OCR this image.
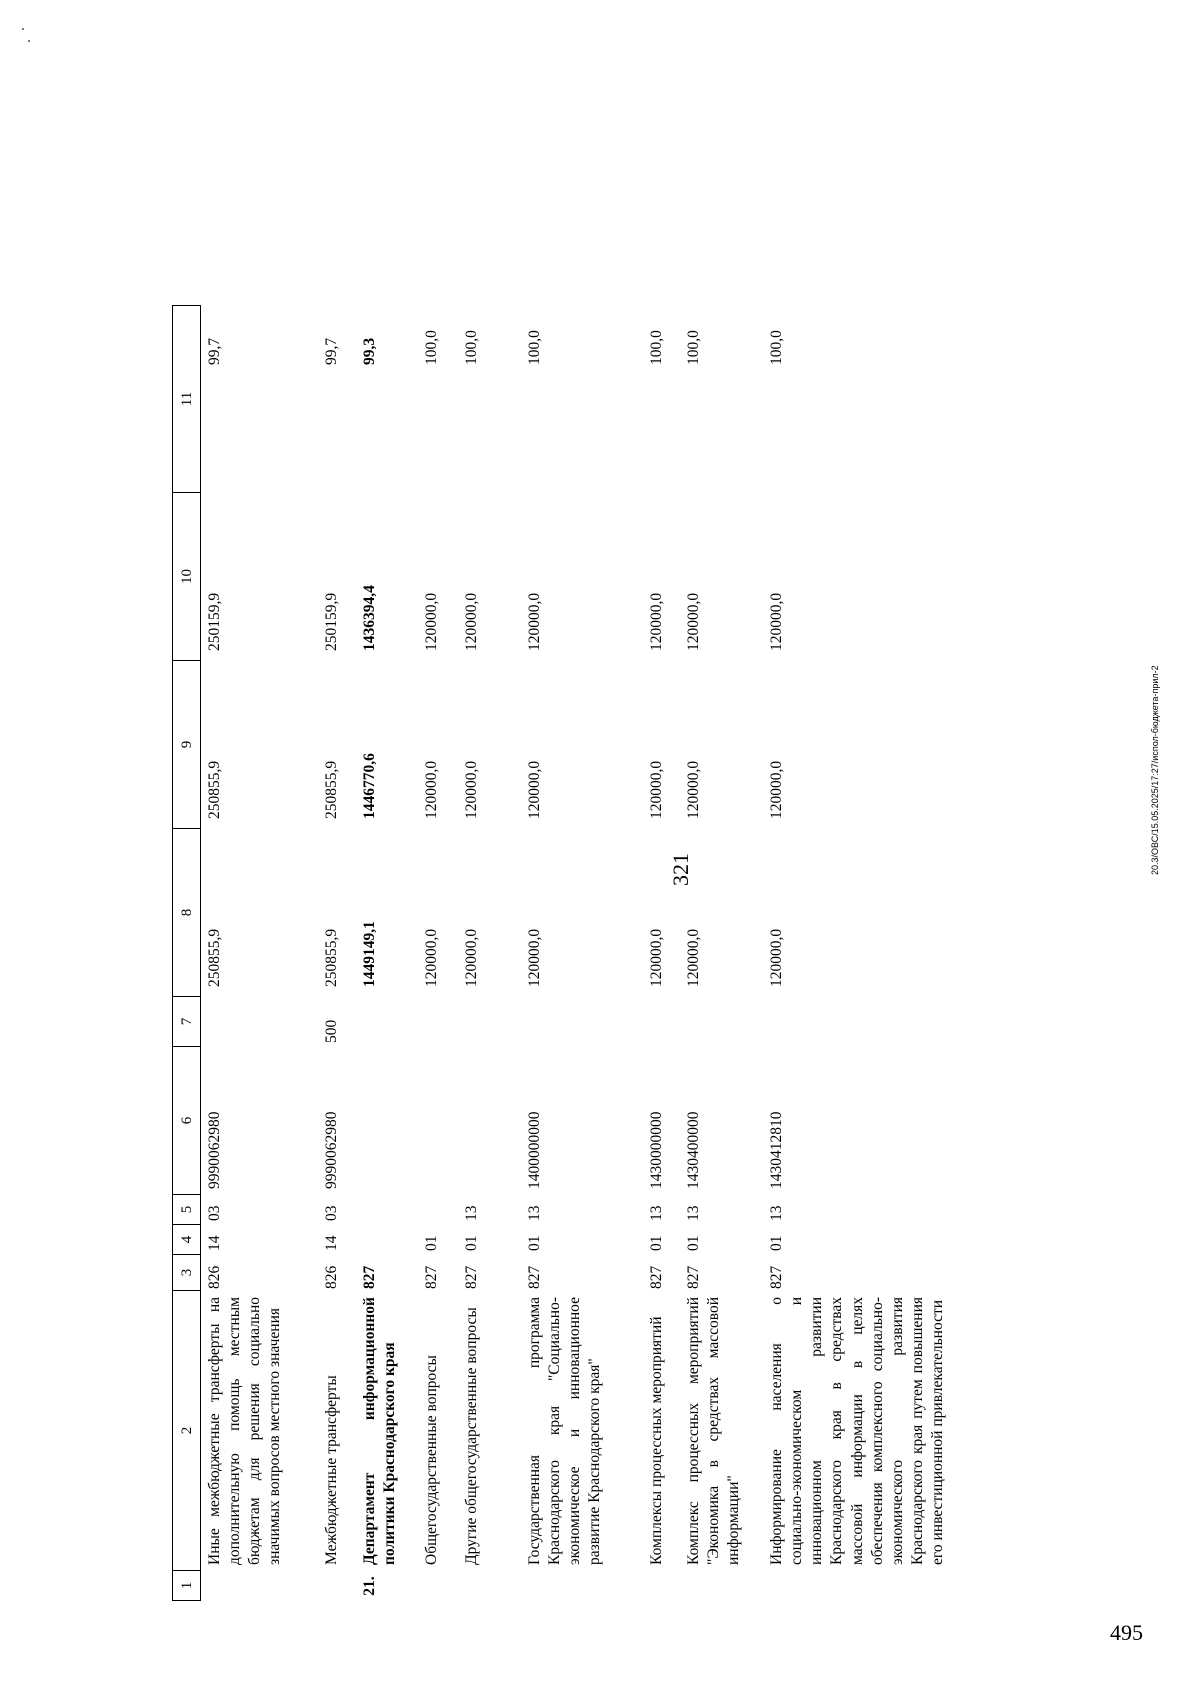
321	20.3/ОВС/15.05.2025/17:27/испол-бюджета-прил-2
495
1
2
3
4
5
6
7
8
9
10
11
Иные межбюджетные трансферты на дополнительную помощь местным бюджетам для решения социально значимых вопросов местного значения
826
14
03
9990062980
250855,9
250855,9
250159,9
99,7
Межбюджетные трансферты
826
14
03
9990062980
500
250855,9
250855,9
250159,9
99,7
21.
Департамент информационной политики Краснодарского края
827
1449149,1
1446770,6
1436394,4
99,3
Общегосударственные вопросы
827
01
120000,0
120000,0
120000,0
100,0
Другие общегосударственные вопросы
827
01
13
120000,0
120000,0
120000,0
100,0
Государственная программа Краснодарского края "Социально-экономическое и инновационное развитие Краснодарского края"
827
01
13
1400000000
120000,0
120000,0
120000,0
100,0
Комплексы процессных мероприятий
827
01
13
1430000000
120000,0
120000,0
120000,0
100,0
Комплекс процессных мероприятий "Экономика в средствах массовой информации"
827
01
13
1430400000
120000,0
120000,0
120000,0
100,0
Информирование населения о социально-экономическом и инновационном развитии Краснодарского края в средствах массовой информации в целях обеспечения комплексного социально-экономического развития Краснодарского края путем повышения его инвестиционной привлекательности
827
01
13
1430412810
120000,0
120000,0
120000,0
100,0
